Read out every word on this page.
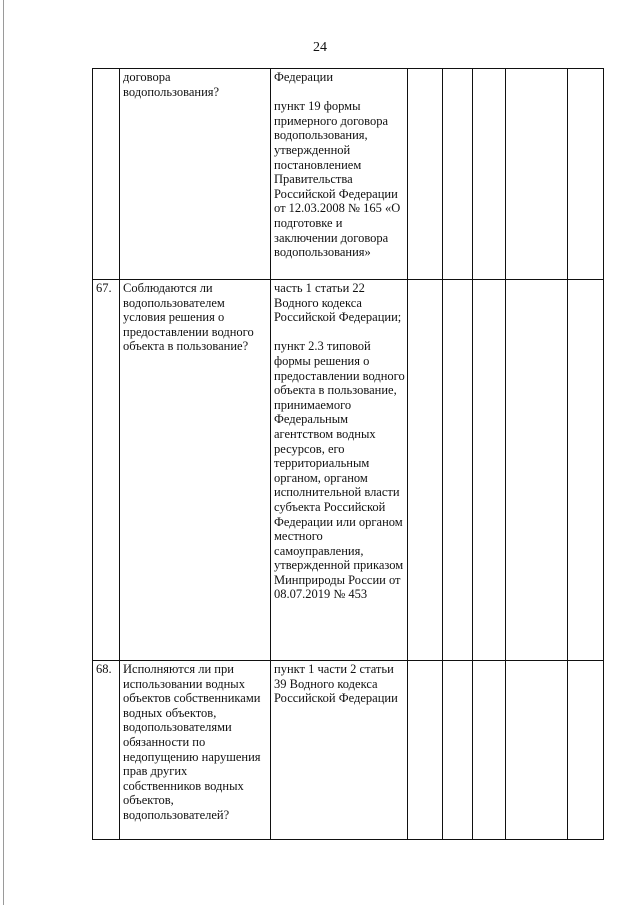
24
	договора водопользования?	Федерации
пункт 19 формы примерного договора водопользования, утвержденной постановлением Правительства Российской Федерации от 12.03.2008 № 165 «О подготовке и заключении договора водопользования»					

67.	Соблюдаются ли водопользователем условия решения о предоставлении водного объекта в пользование?	часть 1 статьи 22 Водного кодекса Российской Федерации;
пункт 2.3 типовой формы решения о предоставлении водного объекта в пользование, принимаемого Федеральным агентством водных ресурсов, его территориальным органом, органом исполнительной власти субъекта Российской Федерации или органом местного самоуправления, утвержденной приказом Минприроды России от 08.07.2019 № 453					

68.	Исполняются ли при использовании водных объектов собственниками водных объектов, водопользователями обязанности по недопущению нарушения прав других собственников водных объектов, водопользователей?	пункт 1 части 2 статьи 39 Водного кодекса Российской Федерации					
